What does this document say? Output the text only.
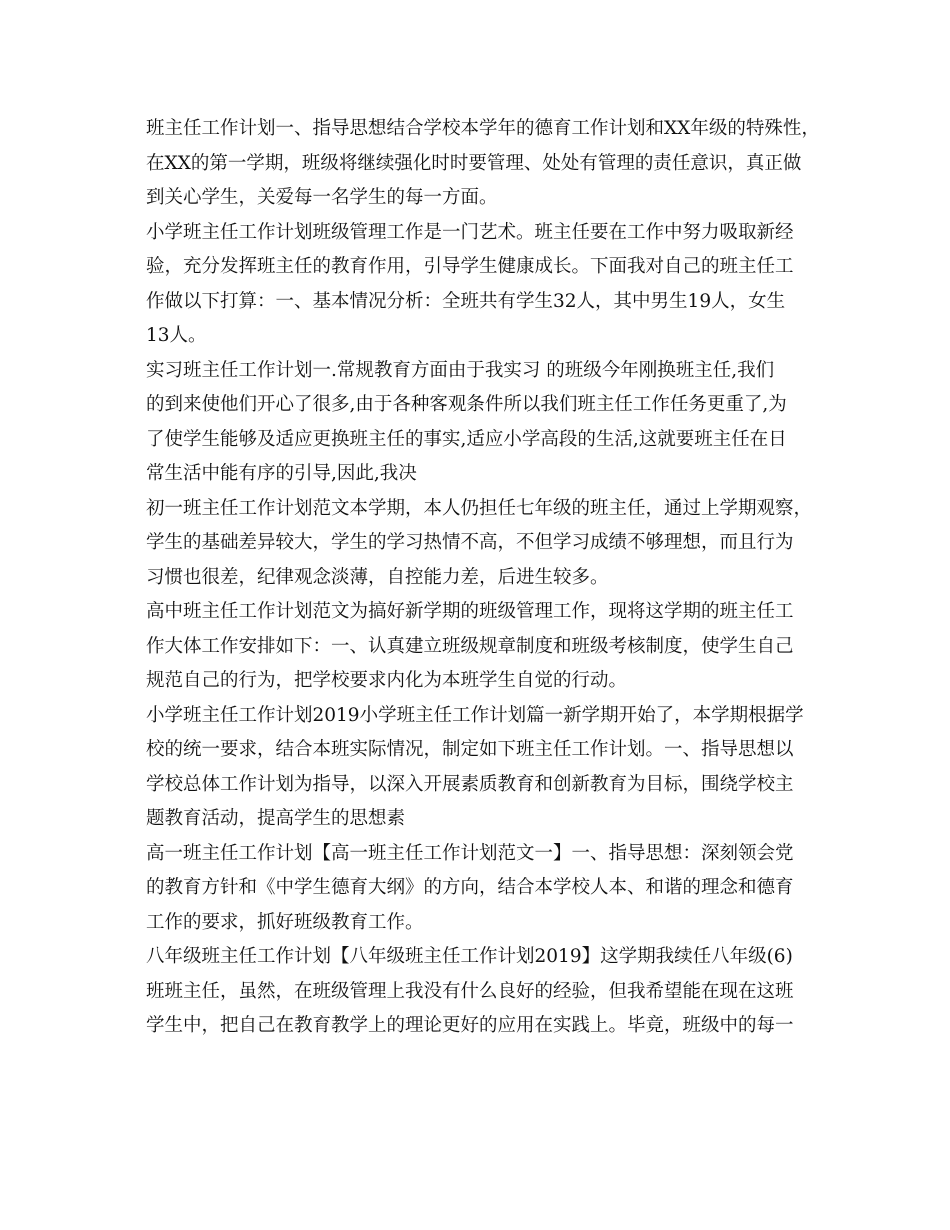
班主任工作计划一、指导思想结合学校本学年的德育工作计划和XX年级的特殊性，
在XX的第一学期，班级将继续强化时时要管理、处处有管理的责任意识，真正做
到关心学生，关爱每一名学生的每一方面。
小学班主任工作计划班级管理工作是一门艺术。班主任要在工作中努力吸取新经
验，充分发挥班主任的教育作用，引导学生健康成长。下面我对自己的班主任工
作做以下打算：一、基本情况分析：全班共有学生32人，其中男生19人，女生
13人。
实习班主任工作计划一.常规教育方面由于我实习 的班级今年刚换班主任,我们
的到来使他们开心了很多,由于各种客观条件所以我们班主任工作任务更重了,为
了使学生能够及适应更换班主任的事实,适应小学高段的生活,这就要班主任在日
常生活中能有序的引导,因此,我决
初一班主任工作计划范文本学期，本人仍担任七年级的班主任，通过上学期观察，
学生的基础差异较大，学生的学习热情不高，不但学习成绩不够理想，而且行为
习惯也很差，纪律观念淡薄，自控能力差，后进生较多。
高中班主任工作计划范文为搞好新学期的班级管理工作，现将这学期的班主任工
作大体工作安排如下：一、认真建立班级规章制度和班级考核制度，使学生自己
规范自己的行为，把学校要求内化为本班学生自觉的行动。
小学班主任工作计划2019小学班主任工作计划篇一新学期开始了，本学期根据学
校的统一要求，结合本班实际情况，制定如下班主任工作计划。一、指导思想以
学校总体工作计划为指导，以深入开展素质教育和创新教育为目标，围绕学校主
题教育活动，提高学生的思想素
高一班主任工作计划【高一班主任工作计划范文一】一、指导思想：深刻领会党
的教育方针和《中学生德育大纲》的方向，结合本学校人本、和谐的理念和德育
工作的要求，抓好班级教育工作。
八年级班主任工作计划【八年级班主任工作计划2019】这学期我续任八年级(6)
班班主任，虽然，在班级管理上我没有什么良好的经验，但我希望能在现在这班
学生中，把自己在教育教学上的理论更好的应用在实践上。毕竟，班级中的每一
